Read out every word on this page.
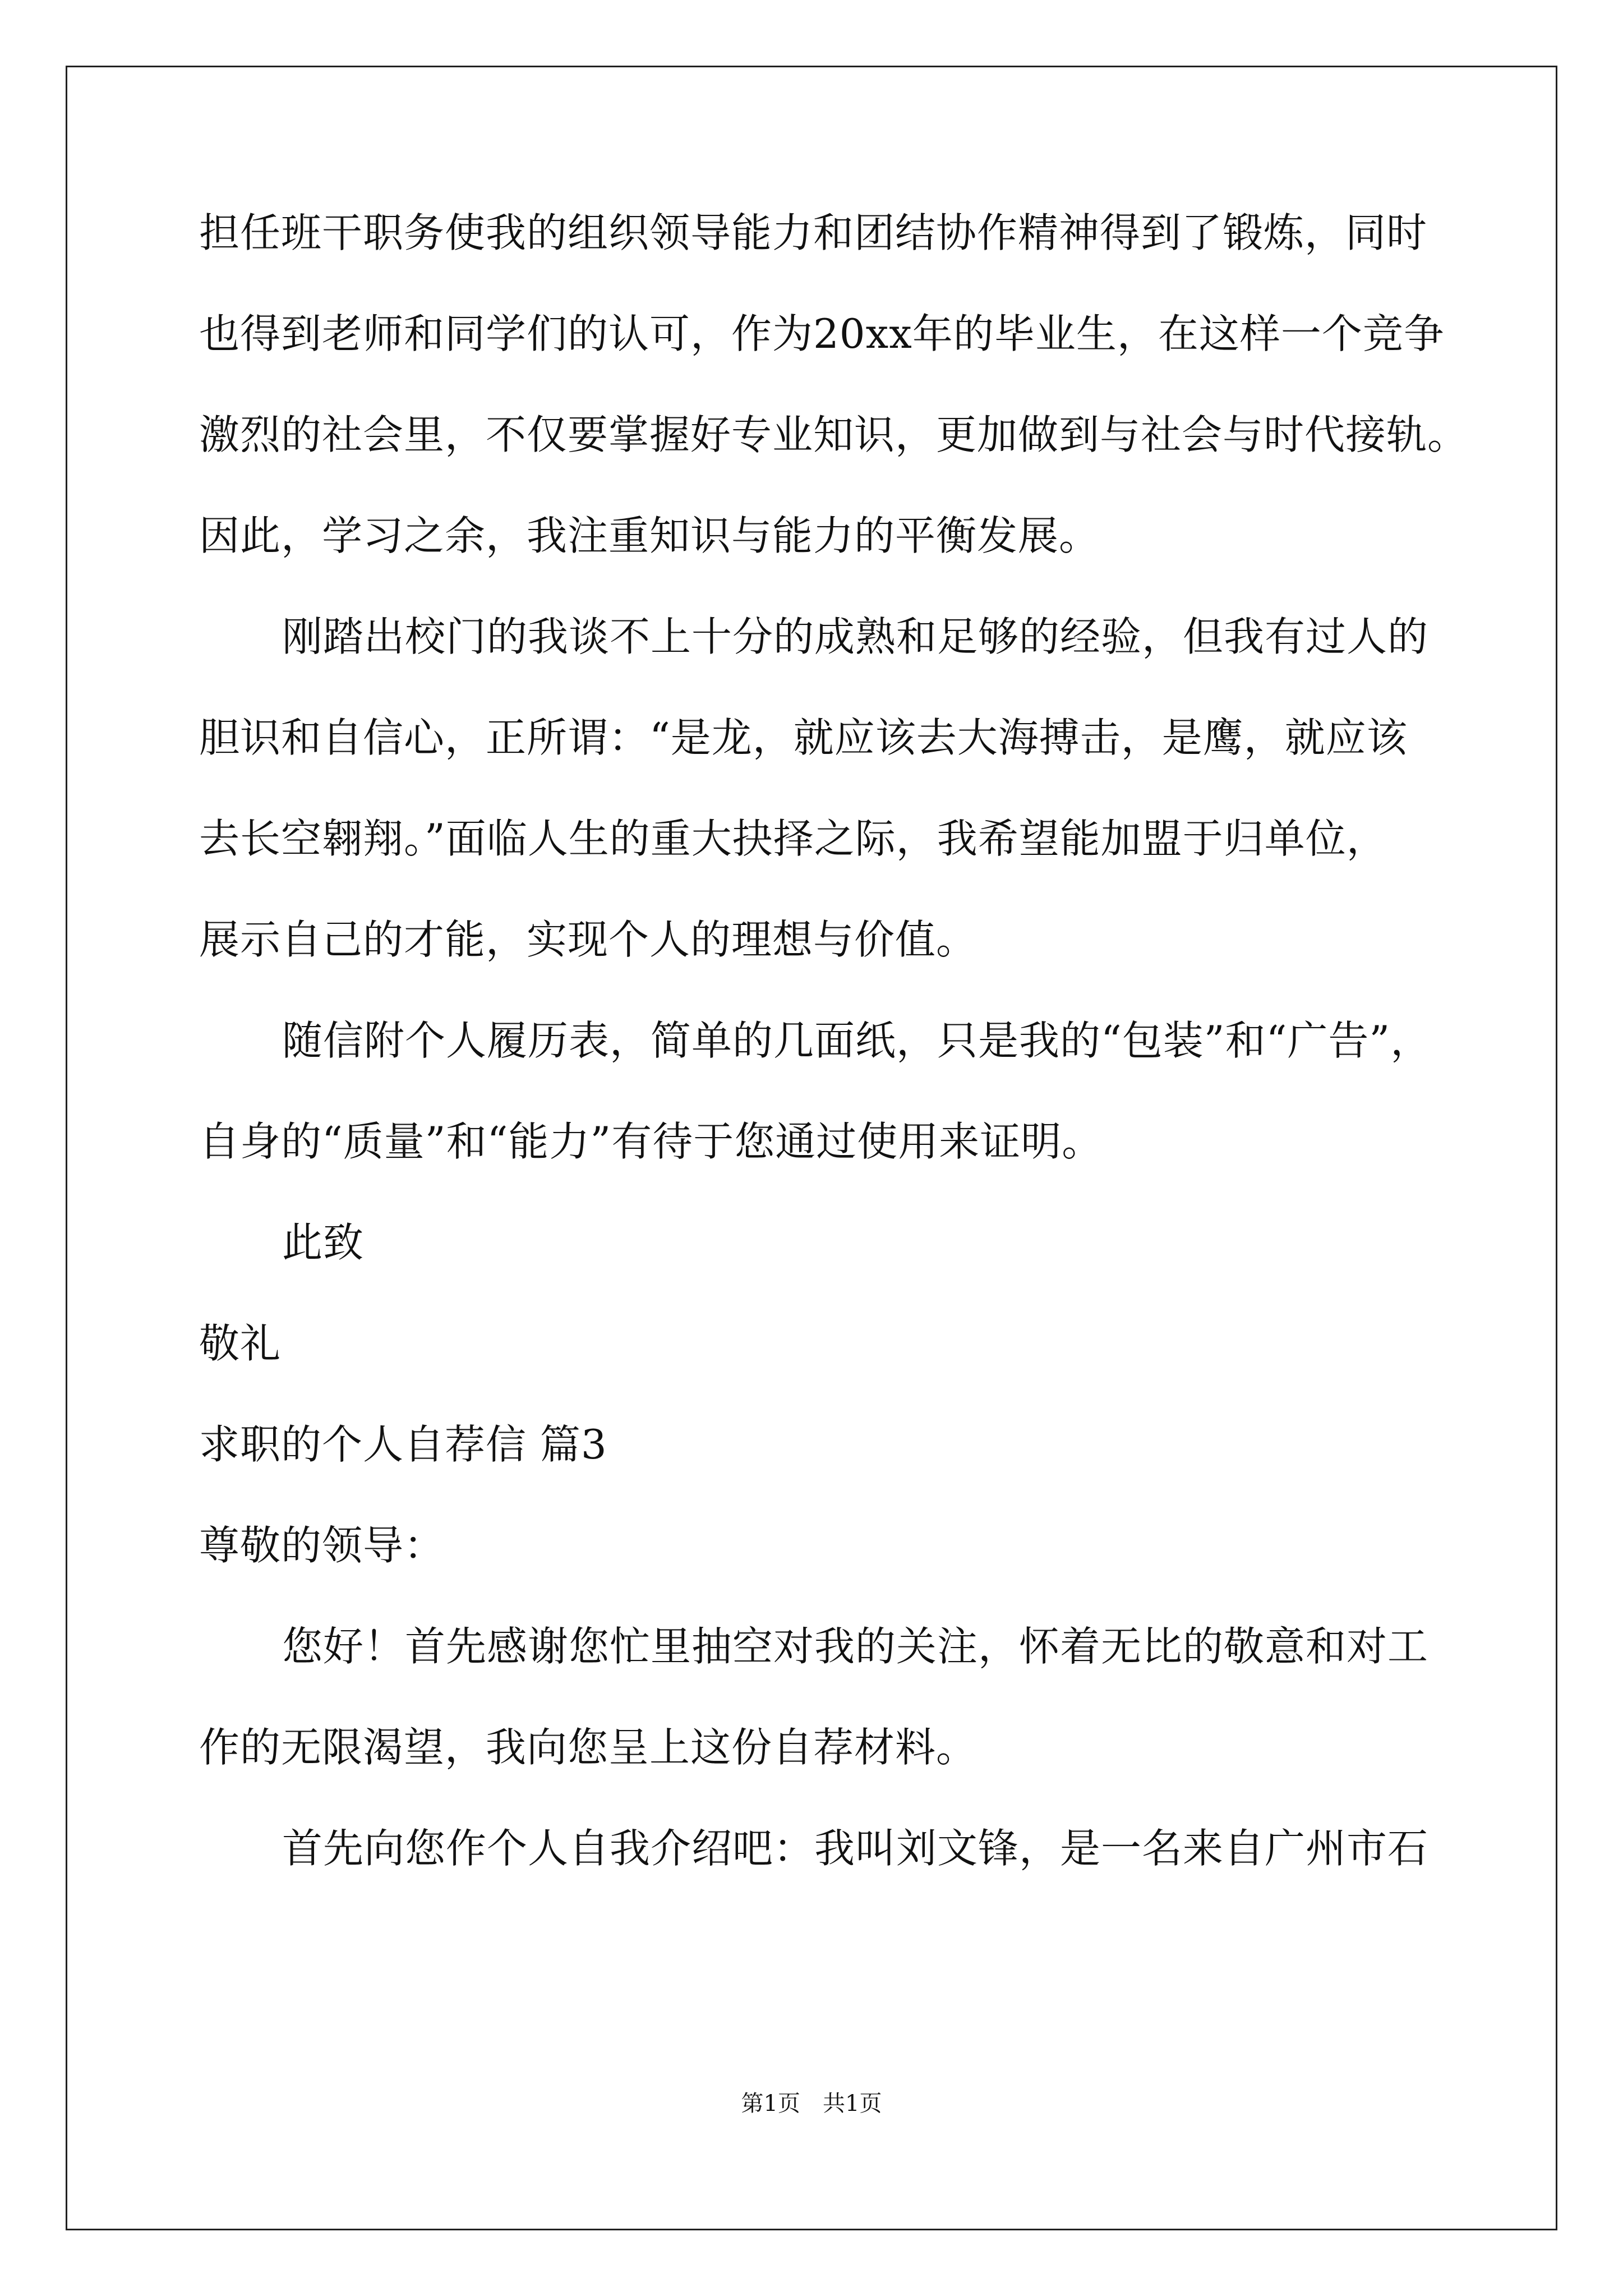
担任班干职务使我的组织领导能力和团结协作精神得到了锻炼，同时
也得到老师和同学们的认可，作为20xx年的毕业生，在这样一个竞争
激烈的社会里，不仅要掌握好专业知识，更加做到与社会与时代接轨。
因此，学习之余，我注重知识与能力的平衡发展。
刚踏出校门的我谈不上十分的成熟和足够的经验，但我有过人的
胆识和自信心，正所谓：“是龙，就应该去大海搏击，是鹰，就应该
去长空翱翔。”面临人生的重大抉择之际，我希望能加盟于归单位，
展示自己的才能，实现个人的理想与价值。
随信附个人履历表，简单的几面纸，只是我的“包装”和“广告”，
自身的“质量”和“能力”有待于您通过使用来证明。
此致
敬礼
求职的个人自荐信 篇3
尊敬的领导：
您好！首先感谢您忙里抽空对我的关注，怀着无比的敬意和对工
作的无限渴望，我向您呈上这份自荐材料。
首先向您作个人自我介绍吧：我叫刘文锋，是一名来自广州市石
第1页　共1页
